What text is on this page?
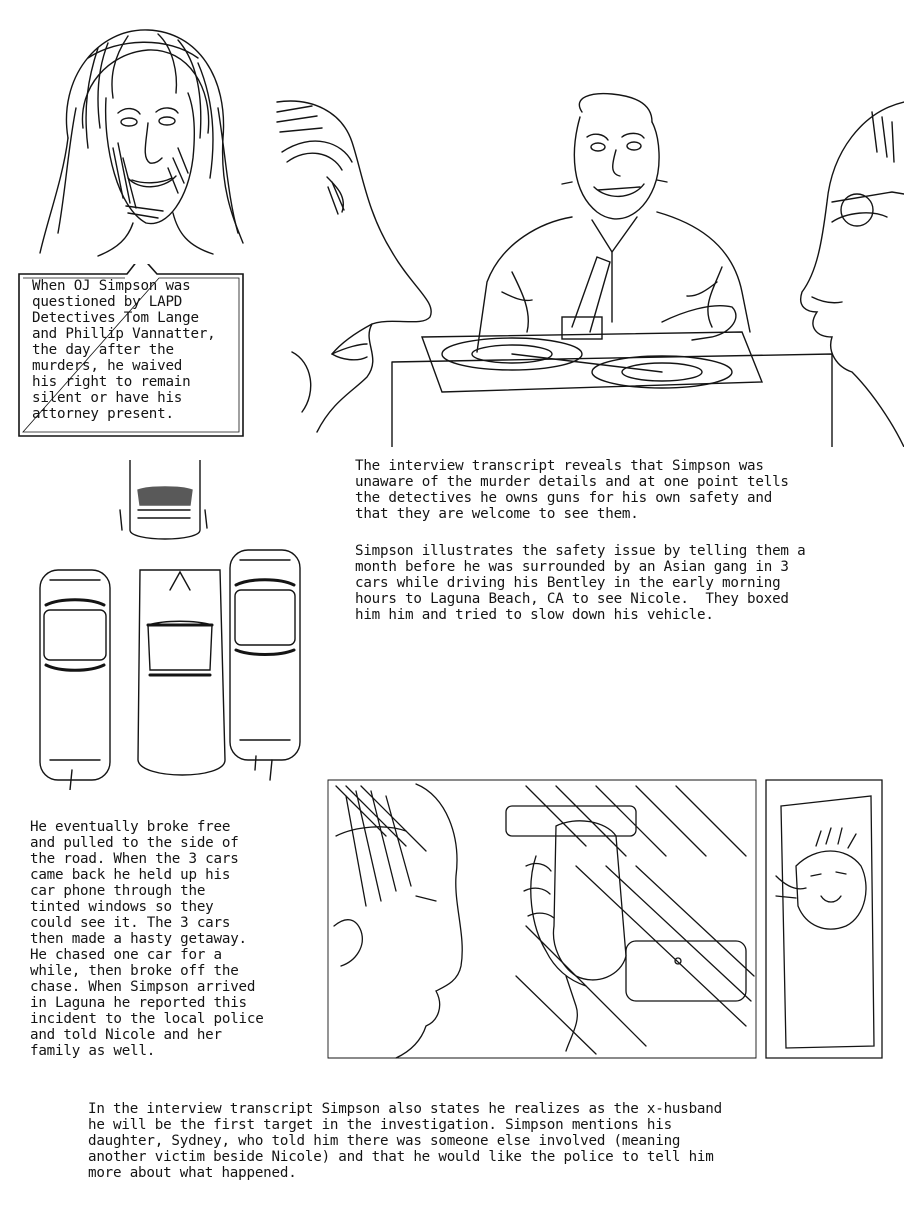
When OJ Simpson was
questioned by LAPD
Detectives Tom Lange
and Phillip Vannatter,
the day after the
murders, he waived
his right to remain
silent or have his
attorney present.
The interview transcript reveals that Simpson was
unaware of the murder details and at one point tells
the detectives he owns guns for his own safety and
that they are welcome to see them.
Simpson illustrates the safety issue by telling them a
month before he was surrounded by an Asian gang in 3
cars while driving his Bentley in the early morning
hours to Laguna Beach, CA to see Nicole.  They boxed
him him and tried to slow down his vehicle.
He eventually broke free
and pulled to the side of
the road. When the 3 cars
came back he held up his
car phone through the
tinted windows so they
could see it. The 3 cars
then made a hasty getaway.
He chased one car for a
while, then broke off the
chase. When Simpson arrived
in Laguna he reported this
incident to the local police
and told Nicole and her
family as well.
In the interview transcript Simpson also states he realizes as the x-husband
he will be the first target in the investigation. Simpson mentions his
daughter, Sydney, who told him there was someone else involved (meaning
another victim beside Nicole) and that he would like the police to tell him
more about what happened.
